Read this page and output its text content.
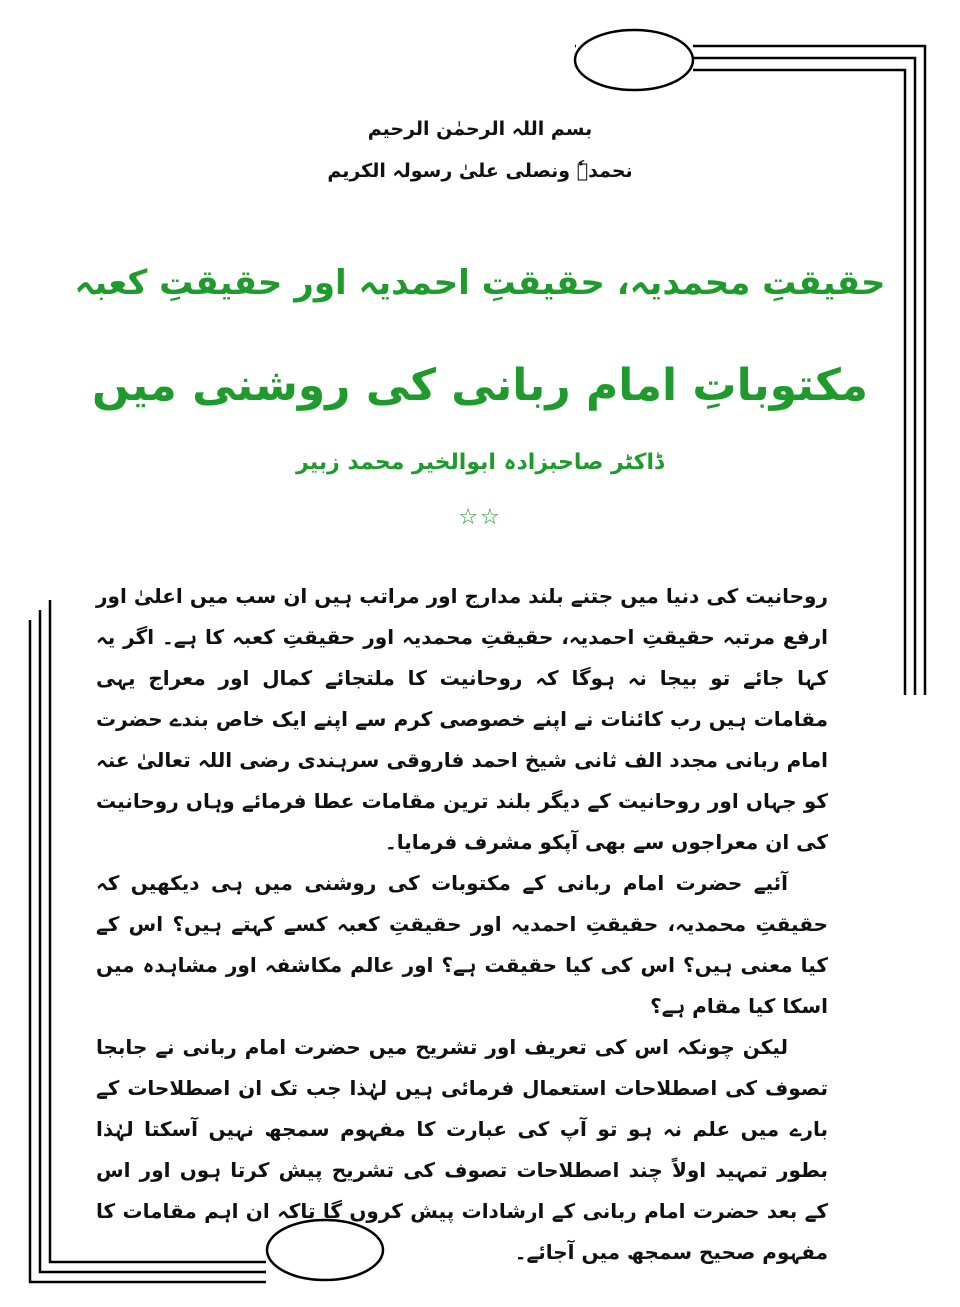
بسم اللہ الرحمٰن الرحیم
نحمدہٗ ونصلی علیٰ رسولہ الکریم
حقیقتِ محمدیہ، حقیقتِ احمدیہ اور حقیقتِ کعبہ
مکتوباتِ امام ربانی کی روشنی میں
ڈاکٹر صاحبزادہ ابوالخیر محمد زبیر
☆☆

روحانیت کی دنیا میں جتنے بلند مدارج اور مراتب ہیں ان سب میں اعلیٰ اور ارفع مرتبہ حقیقتِ احمدیہ، حقیقتِ محمدیہ اور حقیقتِ کعبہ کا ہے۔ اگر یہ کہا جائے تو بیجا نہ ہوگا کہ روحانیت کا ملتجائے کمال اور معراج یہی مقامات ہیں رب کائنات نے اپنے خصوصی کرم سے اپنے ایک خاص بندے حضرت امام ربانی مجدد الف ثانی شیخ احمد فاروقی سرہندی رضی اللہ تعالیٰ عنہ کو جہاں اور روحانیت کے دیگر بلند ترین مقامات عطا فرمائے وہاں روحانیت کی ان معراجوں سے بھی آپکو مشرف فرمایا۔

آئیے حضرت امام ربانی کے مکتوبات کی روشنی میں ہی دیکھیں کہ حقیقتِ محمدیہ، حقیقتِ احمدیہ اور حقیقتِ کعبہ کسے کہتے ہیں؟ اس کے کیا معنی ہیں؟ اس کی کیا حقیقت ہے؟ اور عالم مکاشفہ اور مشاہدہ میں اسکا کیا مقام ہے؟

لیکن چونکہ اس کی تعریف اور تشریح میں حضرت امام ربانی نے جابجا تصوف کی اصطلاحات استعمال فرمائی ہیں لہٰذا جب تک ان اصطلاحات کے بارے میں علم نہ ہو تو آپ کی عبارت کا مفہوم سمجھ نہیں آسکتا لہٰذا بطور تمہید اولاً چند اصطلاحات تصوف کی تشریح پیش کرتا ہوں اور اس کے بعد حضرت امام ربانی کے ارشادات پیش کروں گا تاکہ ان اہم مقامات کا مفہوم صحیح سمجھ میں آجائے۔
